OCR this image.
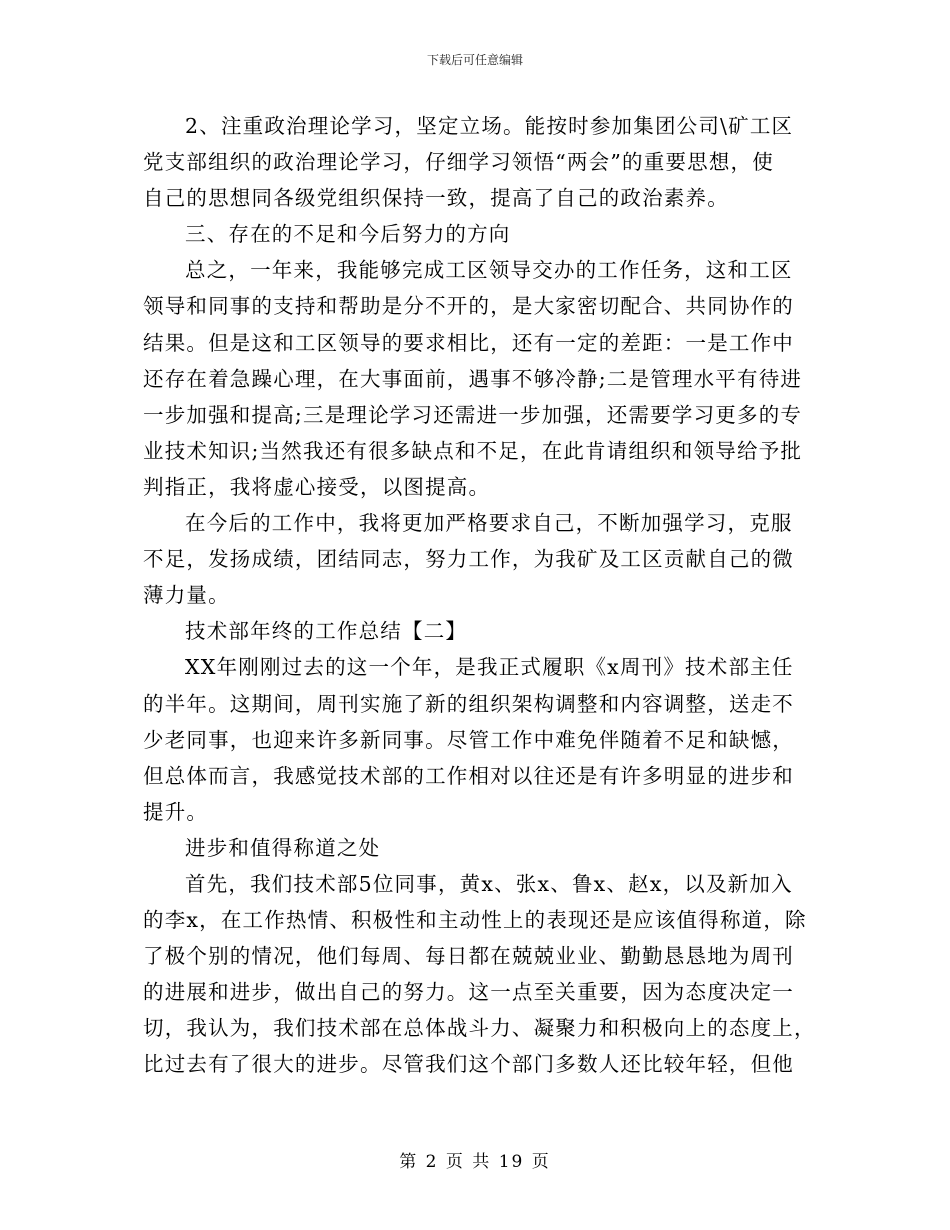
下载后可任意编辑
2、注重政治理论学习，坚定立场。能按时参加集团公司\矿工区
党支部组织的政治理论学习，仔细学习领悟“两会”的重要思想，使
自己的思想同各级党组织保持一致，提高了自己的政治素养。
三、存在的不足和今后努力的方向
总之，一年来，我能够完成工区领导交办的工作任务，这和工区
领导和同事的支持和帮助是分不开的，是大家密切配合、共同协作的
结果。但是这和工区领导的要求相比，还有一定的差距：一是工作中
还存在着急躁心理，在大事面前，遇事不够冷静;二是管理水平有待进
一步加强和提高;三是理论学习还需进一步加强，还需要学习更多的专
业技术知识;当然我还有很多缺点和不足，在此肯请组织和领导给予批
判指正，我将虚心接受，以图提高。
在今后的工作中，我将更加严格要求自己，不断加强学习，克服
不足，发扬成绩，团结同志，努力工作，为我矿及工区贡献自己的微
薄力量。
技术部年终的工作总结【二】
XX年刚刚过去的这一个年，是我正式履职《x周刊》技术部主任
的半年。这期间，周刊实施了新的组织架构调整和内容调整，送走不
少老同事，也迎来许多新同事。尽管工作中难免伴随着不足和缺憾，
但总体而言，我感觉技术部的工作相对以往还是有许多明显的进步和
提升。
进步和值得称道之处
首先，我们技术部5位同事，黄x、张x、鲁x、赵x，以及新加入
的李x，在工作热情、积极性和主动性上的表现还是应该值得称道，除
了极个别的情况，他们每周、每日都在兢兢业业、勤勤恳恳地为周刊
的进展和进步，做出自己的努力。这一点至关重要，因为态度决定一
切，我认为，我们技术部在总体战斗力、凝聚力和积极向上的态度上，
比过去有了很大的进步。尽管我们这个部门多数人还比较年轻，但他
第 2 页 共 19 页
